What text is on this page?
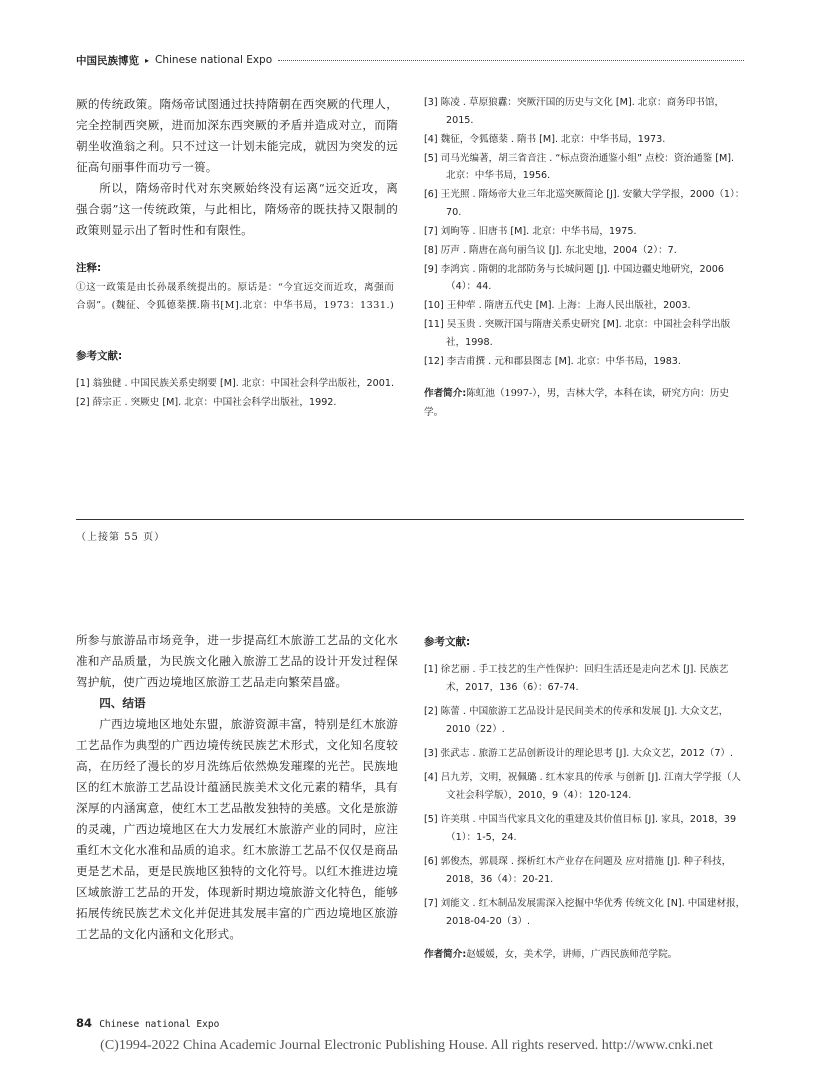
中国民族博览 ▸ Chinese national Expo

厥的传统政策。隋炀帝试图通过扶持隋朝在西突厥的代理人，完全控制西突厥，进而加深东西突厥的矛盾并造成对立，而隋朝坐收渔翁之利。只不过这一计划未能完成，就因为突发的远征高句丽事件而功亏一篑。

所以，隋炀帝时代对东突厥始终没有运离“远交近攻，离强合弱”这一传统政策，与此相比，隋炀帝的既扶持又限制的政策则显示出了暂时性和有限性。

注释:

①这一政策是由长孙晟系统提出的。原话是：“今宜远交而近攻，离强而合弱”。(魏征、令狐德棻撰.隋书[M].北京：中华书局，1973：1331.)

参考文献:

[1] 翁独健 . 中国民族关系史纲要 [M]. 北京：中国社会科学出版社，2001.
[2] 薛宗正 . 突厥史 [M]. 北京：中国社会科学出版社，1992.
[3] 陈凌 . 草原狼纛：突厥汗国的历史与文化 [M]. 北京：商务印书馆，2015.
[4] 魏征，令狐德棻 . 隋书 [M]. 北京：中华书局，1973.
[5] 司马光编著，胡三省音注 . “标点资治通鉴小组” 点校：资治通鉴 [M]. 北京：中华书局，1956.
[6] 王光照 . 隋炀帝大业三年北巡突厥简论 [J]. 安徽大学学报，2000（1）：70.
[7] 刘昫等 . 旧唐书 [M]. 北京：中华书局，1975.
[8] 厉声 . 隋唐在高句丽刍议 [J]. 东北史地，2004（2）：7.
[9] 李鸿宾 . 隋朝的北部防务与长城问题 [J]. 中国边疆史地研究，2006（4）：44.
[10] 王仲荦 . 隋唐五代史 [M]. 上海：上海人民出版社，2003.
[11] 吴玉贵 . 突厥汗国与隋唐关系史研究 [M]. 北京：中国社会科学出版社，1998.
[12] 李吉甫撰 . 元和郡县图志 [M]. 北京：中华书局，1983.

作者简介:陈虹池（1997-），男，吉林大学，本科在读，研究方向：历史学。

（上接第 55 页）

所参与旅游品市场竞争，进一步提高红木旅游工艺品的文化水准和产品质量，为民族文化融入旅游工艺品的设计开发过程保驾护航，使广西边境地区旅游工艺品走向繁荣昌盛。

四、结语

广西边境地区地处东盟，旅游资源丰富，特别是红木旅游工艺品作为典型的广西边境传统民族艺术形式，文化知名度较高，在历经了漫长的岁月洗练后依然焕发璀璨的光芒。民族地区的红木旅游工艺品设计蕴涵民族美术文化元素的精华，具有深厚的内涵寓意，使红木工艺品散发独特的美感。文化是旅游的灵魂，广西边境地区在大力发展红木旅游产业的同时，应注重红木文化水准和品质的追求。红木旅游工艺品不仅仅是商品更是艺术品，更是民族地区独特的文化符号。以红木推进边境区域旅游工艺品的开发，体现新时期边境旅游文化特色，能够拓展传统民族艺术文化并促进其发展丰富的广西边境地区旅游工艺品的文化内涵和文化形式。

参考文献:

[1] 徐艺丽 . 手工技艺的生产性保护：回归生活还是走向艺术 [J]. 民族艺术，2017，136（6）：67-74.
[2] 陈蕾 . 中国旅游工艺品设计是民间美术的传承和发展 [J]. 大众文艺，2010（22）.
[3] 张武志 . 旅游工艺品创新设计的理论思考 [J]. 大众文艺，2012（7）.
[4] 吕九芳，文明，祝佩璐 . 红木家具的传承 与创新 [J]. 江南大学学报（人文社会科学版），2010，9（4）：120-124.
[5] 许美琪 . 中国当代家具文化的重建及其价值目标 [J]. 家具，2018，39（1）：1-5，24.
[6] 郭俊杰，郭晨琛 . 探析红木产业存在问题及 应对措施 [J]. 种子科技，2018，36（4）：20-21.
[7] 刘能文 . 红木制品发展需深入挖掘中华优秀 传统文化 [N]. 中国建材报，2018-04-20（3）.

作者简介:赵媛媛，女，美术学，讲师，广西民族师范学院。

84 Chinese national Expo
(C)1994-2022 China Academic Journal Electronic Publishing House. All rights reserved. http://www.cnki.net
